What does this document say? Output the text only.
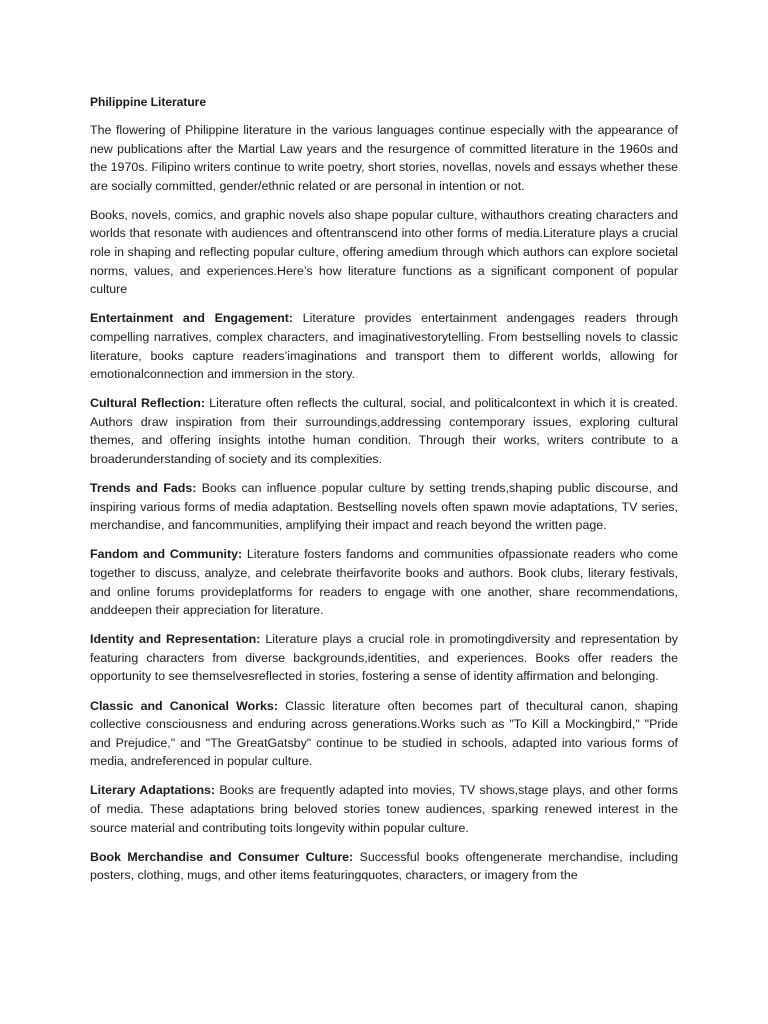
Philippine Literature

The flowering of Philippine literature in the various languages continue especially with the appearance of new publications after the Martial Law years and the resurgence of committed literature in the 1960s and the 1970s. Filipino writers continue to write poetry, short stories, novellas, novels and essays whether these are socially committed, gender/ethnic related or are personal in intention or not.

Books, novels, comics, and graphic novels also shape popular culture, withauthors creating characters and worlds that resonate with audiences and oftentranscend into other forms of media.Literature plays a crucial role in shaping and reflecting popular culture, offering amedium through which authors can explore societal norms, values, and experiences.Here’s how literature functions as a significant component of popular culture

Entertainment and Engagement: Literature provides entertainment andengages readers through compelling narratives, complex characters, and imaginativestorytelling. From bestselling novels to classic literature, books capture readers’imaginations and transport them to different worlds, allowing for emotionalconnection and immersion in the story.

Cultural Reflection: Literature often reflects the cultural, social, and politicalcontext in which it is created. Authors draw inspiration from their surroundings,addressing contemporary issues, exploring cultural themes, and offering insights intothe human condition. Through their works, writers contribute to a broaderunderstanding of society and its complexities.

Trends and Fads: Books can influence popular culture by setting trends,shaping public discourse, and inspiring various forms of media adaptation. Bestselling novels often spawn movie adaptations, TV series, merchandise, and fancommunities, amplifying their impact and reach beyond the written page.

Fandom and Community: Literature fosters fandoms and communities ofpassionate readers who come together to discuss, analyze, and celebrate theirfavorite books and authors. Book clubs, literary festivals, and online forums provideplatforms for readers to engage with one another, share recommendations, anddeepen their appreciation for literature.

Identity and Representation: Literature plays a crucial role in promotingdiversity and representation by featuring characters from diverse backgrounds,identities, and experiences. Books offer readers the opportunity to see themselvesreflected in stories, fostering a sense of identity affirmation and belonging.

Classic and Canonical Works: Classic literature often becomes part of thecultural canon, shaping collective consciousness and enduring across generations.Works such as "To Kill a Mockingbird," "Pride and Prejudice," and "The GreatGatsby" continue to be studied in schools, adapted into various forms of media, andreferenced in popular culture.

Literary Adaptations: Books are frequently adapted into movies, TV shows,stage plays, and other forms of media. These adaptations bring beloved stories tonew audiences, sparking renewed interest in the source material and contributing toits longevity within popular culture.

Book Merchandise and Consumer Culture: Successful books oftengenerate merchandise, including posters, clothing, mugs, and other items featuringquotes, characters, or imagery from the
